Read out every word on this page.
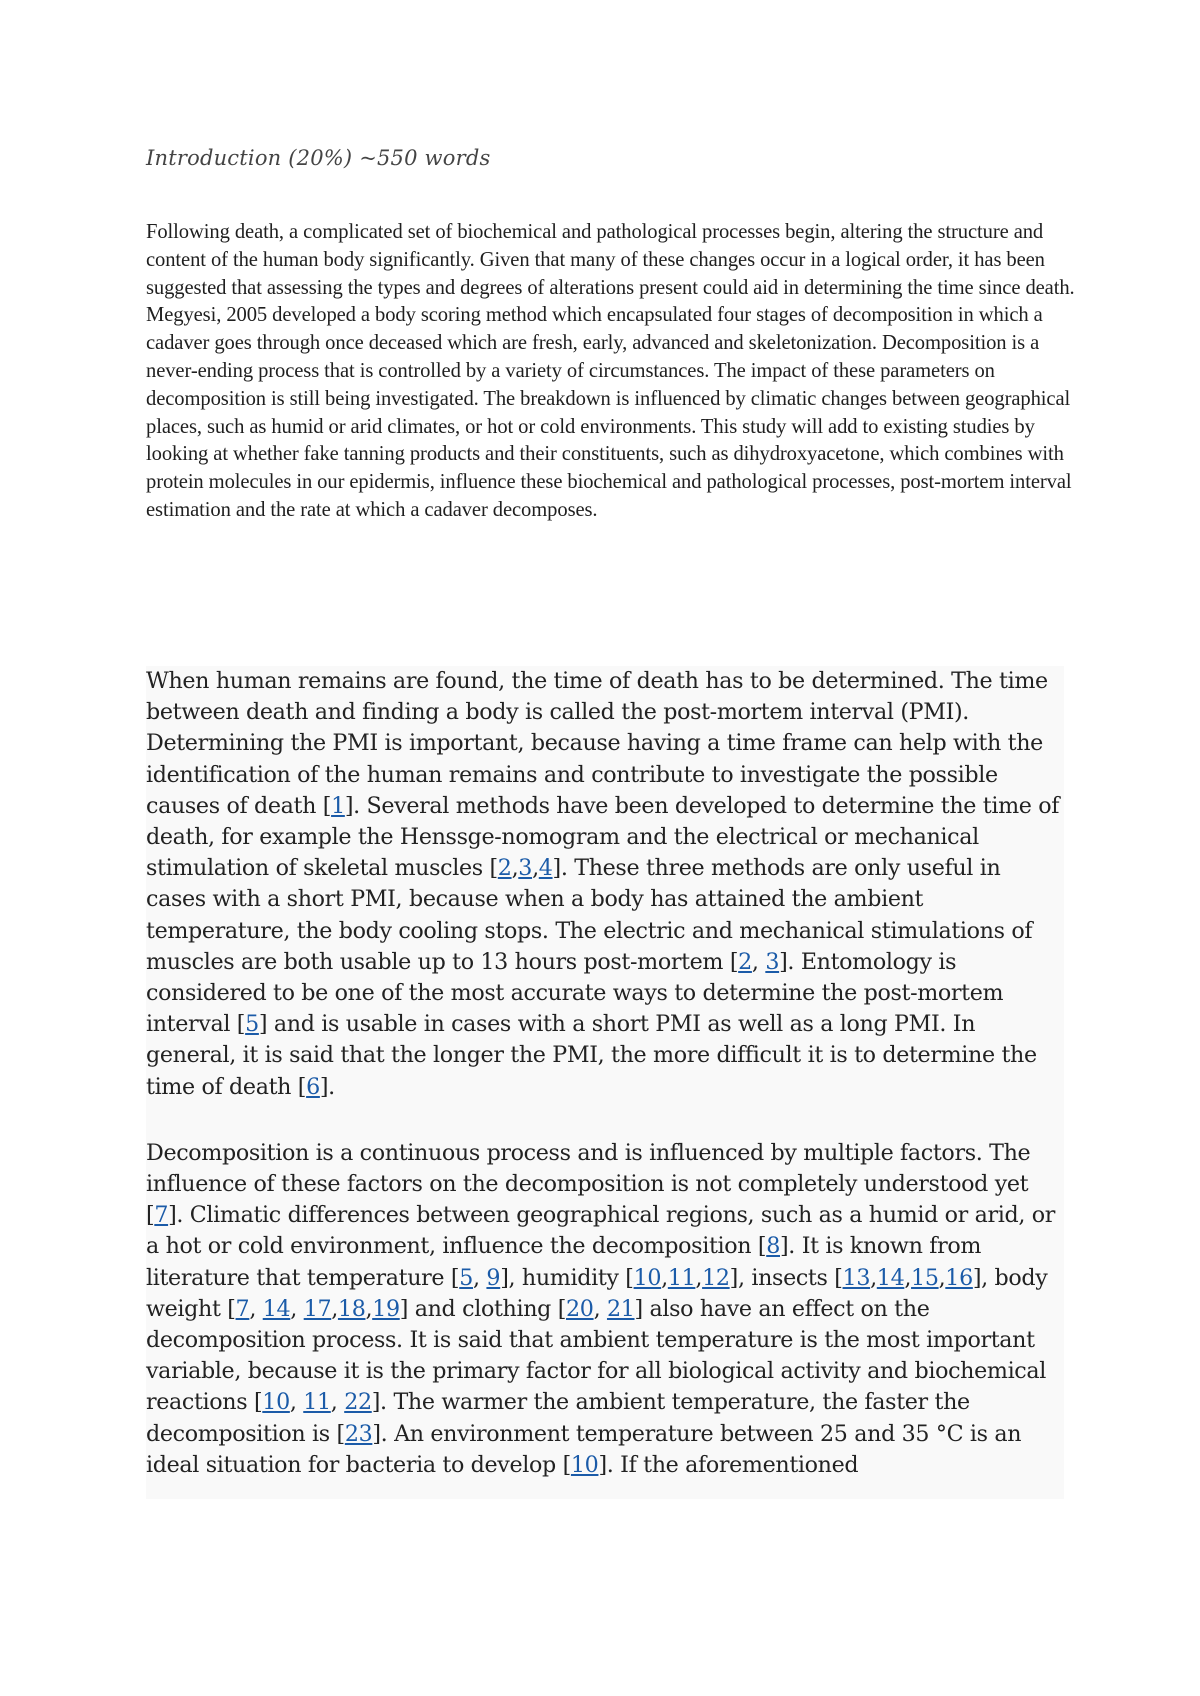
Introduction (20%) ~550 words

Following death, a complicated set of biochemical and pathological processes begin, altering the structure and content of the human body significantly. Given that many of these changes occur in a logical order, it has been suggested that assessing the types and degrees of alterations present could aid in determining the time since death. Megyesi, 2005 developed a body scoring method which encapsulated four stages of decomposition in which a cadaver goes through once deceased which are fresh, early, advanced and skeletonization. Decomposition is a never-ending process that is controlled by a variety of circumstances. The impact of these parameters on decomposition is still being investigated. The breakdown is influenced by climatic changes between geographical places, such as humid or arid climates, or hot or cold environments. This study will add to existing studies by looking at whether fake tanning products and their constituents, such as dihydroxyacetone, which combines with protein molecules in our epidermis, influence these biochemical and pathological processes, post-mortem interval estimation and the rate at which a cadaver decomposes.

When human remains are found, the time of death has to be determined. The time between death and finding a body is called the post-mortem interval (PMI). Determining the PMI is important, because having a time frame can help with the identification of the human remains and contribute to investigate the possible causes of death [1]. Several methods have been developed to determine the time of death, for example the Henssge-nomogram and the electrical or mechanical stimulation of skeletal muscles [2,3,4]. These three methods are only useful in cases with a short PMI, because when a body has attained the ambient temperature, the body cooling stops. The electric and mechanical stimulations of muscles are both usable up to 13 hours post-mortem [2, 3]. Entomology is considered to be one of the most accurate ways to determine the post-mortem interval [5] and is usable in cases with a short PMI as well as a long PMI. In general, it is said that the longer the PMI, the more difficult it is to determine the time of death [6].

Decomposition is a continuous process and is influenced by multiple factors. The influence of these factors on the decomposition is not completely understood yet [7]. Climatic differences between geographical regions, such as a humid or arid, or a hot or cold environment, influence the decomposition [8]. It is known from literature that temperature [5, 9], humidity [10,11,12], insects [13,14,15,16], body weight [7, 14, 17,18,19] and clothing [20, 21] also have an effect on the decomposition process. It is said that ambient temperature is the most important variable, because it is the primary factor for all biological activity and biochemical reactions [10, 11, 22]. The warmer the ambient temperature, the faster the decomposition is [23]. An environment temperature between 25 and 35 °C is an ideal situation for bacteria to develop [10]. If the aforementioned
